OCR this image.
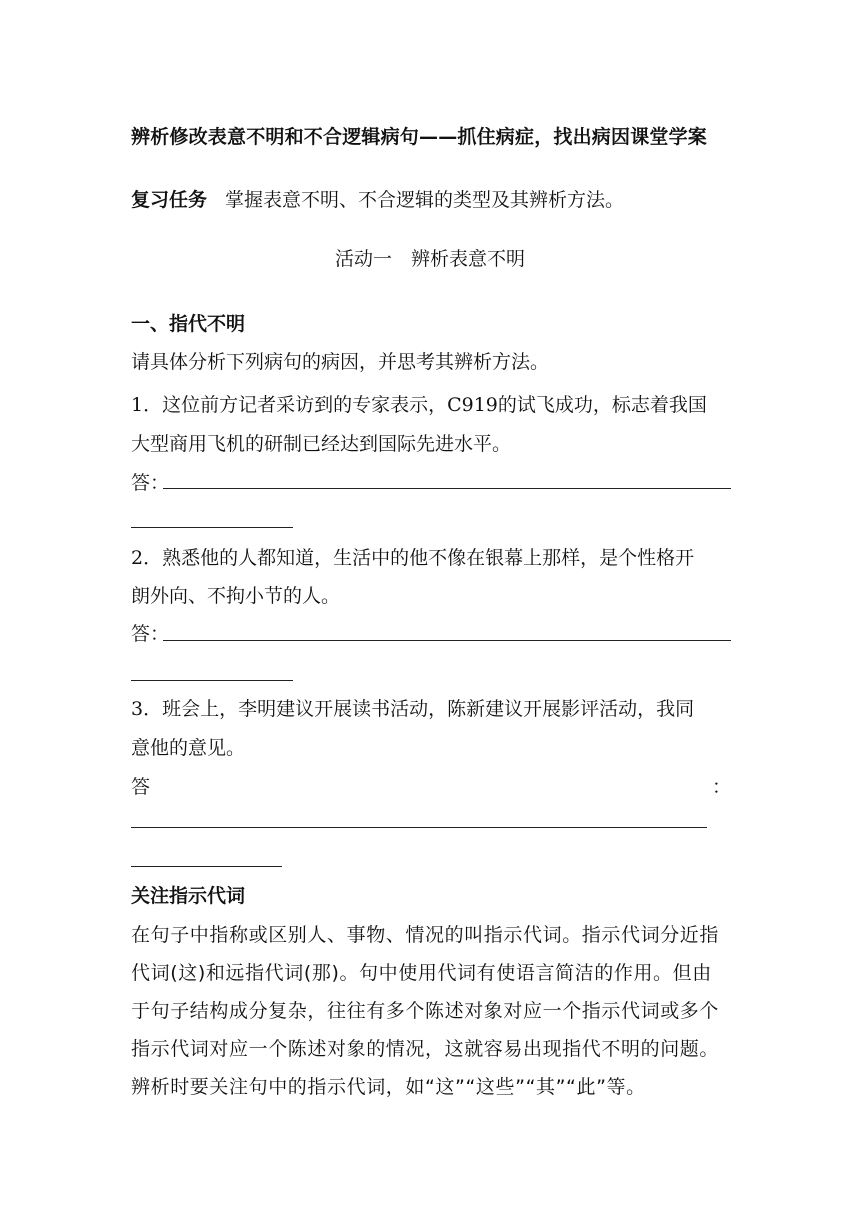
辨析修改表意不明和不合逻辑病句——抓住病症，找出病因课堂学案
复习任务 掌握表意不明、不合逻辑的类型及其辨析方法。
活动一　辨析表意不明
一、指代不明
请具体分析下列病句的病因，并思考其辨析方法。
1．这位前方记者采访到的专家表示，C919的试飞成功，标志着我国
大型商用飞机的研制已经达到国际先进水平。
答：
2．熟悉他的人都知道，生活中的他不像在银幕上那样，是个性格开
朗外向、不拘小节的人。
答：
3．班会上，李明建议开展读书活动，陈新建议开展影评活动，我同
意他的意见。
答	：
关注指示代词
在句子中指称或区别人、事物、情况的叫指示代词。指示代词分近指
代词(这)和远指代词(那)。句中使用代词有使语言简洁的作用。但由
于句子结构成分复杂，往往有多个陈述对象对应一个指示代词或多个
指示代词对应一个陈述对象的情况，这就容易出现指代不明的问题。
辨析时要关注句中的指示代词，如“这”“这些”“其”“此”等。
